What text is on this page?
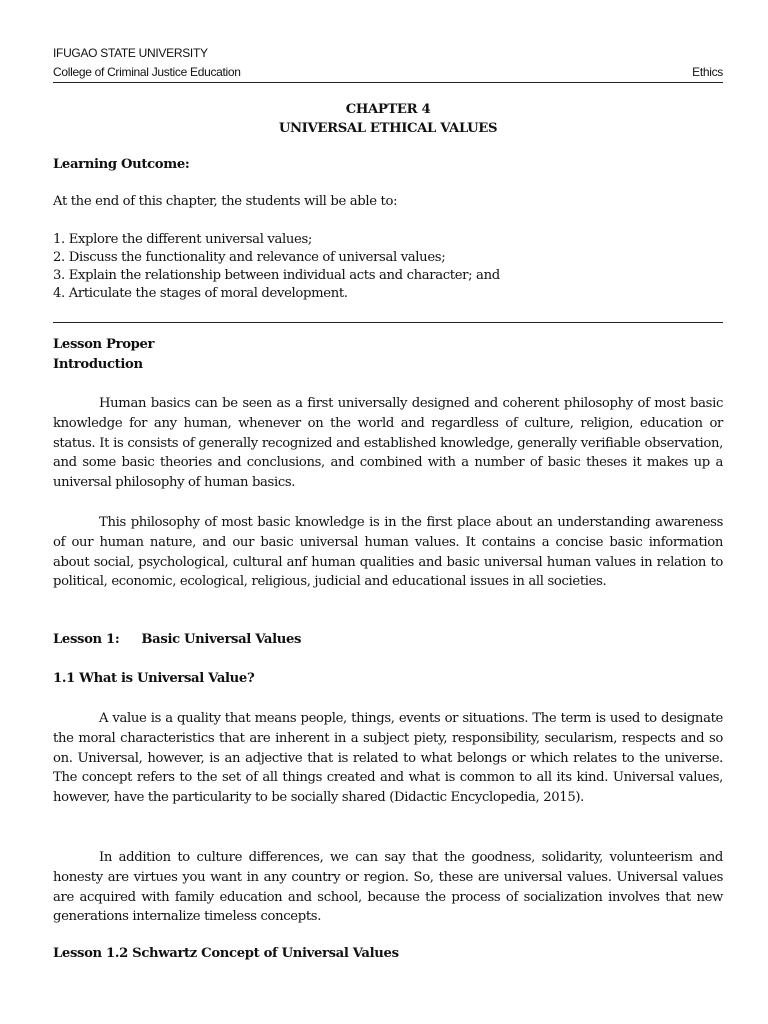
IFUGAO STATE UNIVERSITY
College of Criminal Justice Education	Ethics
CHAPTER 4
UNIVERSAL ETHICAL VALUES
Learning Outcome:
At the end of this chapter, the students will be able to:
1. Explore the different universal values;
2. Discuss the functionality and relevance of universal values;
3. Explain the relationship between individual acts and character; and
4. Articulate the stages of moral development.
Lesson Proper
Introduction
Human basics can be seen as a first universally designed and coherent philosophy of most basic knowledge for any human, whenever on the world and regardless of culture, religion, education or status. It is consists of generally recognized and established knowledge, generally verifiable observation, and some basic theories and conclusions, and combined with a number of basic theses it makes up a universal philosophy of human basics.
This philosophy of most basic knowledge is in the first place about an understanding awareness of our human nature, and our basic universal human values. It contains a concise basic information about social, psychological, cultural anf human qualities and basic universal human values in relation to political, economic, ecological, religious, judicial and educational issues in all societies.
Lesson 1: Basic Universal Values
1.1 What is Universal Value?
A value is a quality that means people, things, events or situations. The term is used to designate the moral characteristics that are inherent in a subject piety, responsibility, secularism, respects and so on. Universal, however, is an adjective that is related to what belongs or which relates to the universe. The concept refers to the set of all things created and what is common to all its kind. Universal values, however, have the particularity to be socially shared (Didactic Encyclopedia, 2015).
In addition to culture differences, we can say that the goodness, solidarity, volunteerism and honesty are virtues you want in any country or region. So, these are universal values. Universal values are acquired with family education and school, because the process of socialization involves that new generations internalize timeless concepts.
Lesson 1.2 Schwartz Concept of Universal Values
